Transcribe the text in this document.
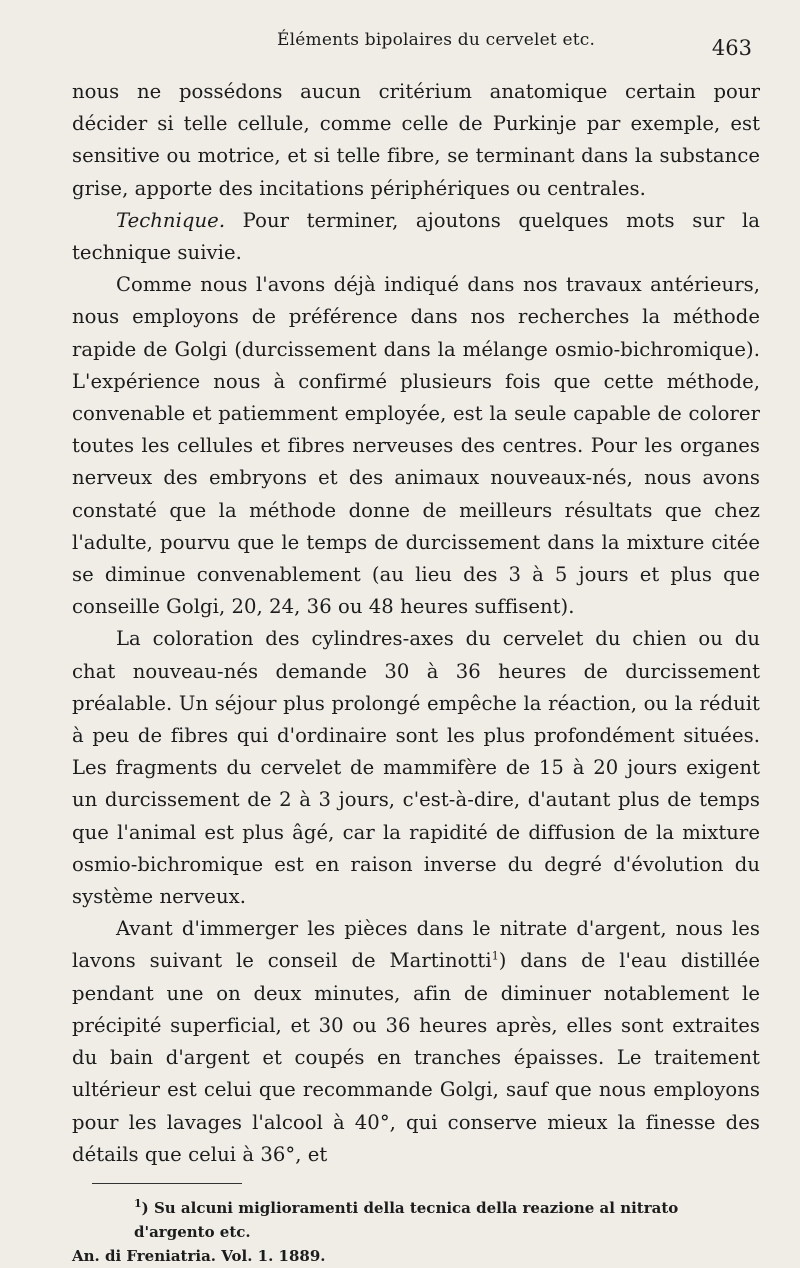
Éléments bipolaires du cervelet etc.	463

nous ne possédons aucun critérium anatomique certain pour décider si telle cellule, comme celle de Purkinje par exemple, est sensitive ou motrice, et si telle fibre, se terminant dans la substance grise, apporte des incitations périphériques ou centrales.

Technique. Pour terminer, ajoutons quelques mots sur la technique suivie.

Comme nous l'avons déjà indiqué dans nos travaux antérieurs, nous employons de préférence dans nos recherches la méthode rapide de Golgi (durcissement dans la mélange osmio-bichromique). L'expérience nous à confirmé plusieurs fois que cette méthode, convenable et patiemment employée, est la seule capable de colorer toutes les cellules et fibres nerveuses des centres. Pour les organes nerveux des embryons et des animaux nouveaux-nés, nous avons constaté que la méthode donne de meilleurs résultats que chez l'adulte, pourvu que le temps de durcissement dans la mixture citée se diminue convenablement (au lieu des 3 à 5 jours et plus que conseille Golgi, 20, 24, 36 ou 48 heures suffisent).

La coloration des cylindres-axes du cervelet du chien ou du chat nouveau-nés demande 30 à 36 heures de durcissement préalable. Un séjour plus prolongé empêche la réaction, ou la réduit à peu de fibres qui d'ordinaire sont les plus profondément situées. Les fragments du cervelet de mammifère de 15 à 20 jours exigent un durcissement de 2 à 3 jours, c'est-à-dire, d'autant plus de temps que l'animal est plus âgé, car la rapidité de diffusion de la mixture osmio-bichromique est en raison inverse du degré d'évolution du système nerveux.

Avant d'immerger les pièces dans le nitrate d'argent, nous les lavons suivant le conseil de Martinotti$^1$) dans de l'eau distillée pendant une on deux minutes, afin de diminuer notablement le précipité superficial, et 30 ou 36 heures après, elles sont extraites du bain d'argent et coupés en tranches épaisses. Le traitement ultérieur est celui que recommande Golgi, sauf que nous employons pour les lavages l'alcool à 40°, qui conserve mieux la finesse des détails que celui à 36°, et

$^1$) Su alcuni miglioramenti della tecnica della reazione al nitrato d'argento etc.

An. di Freniatria. Vol. 1. 1889.
